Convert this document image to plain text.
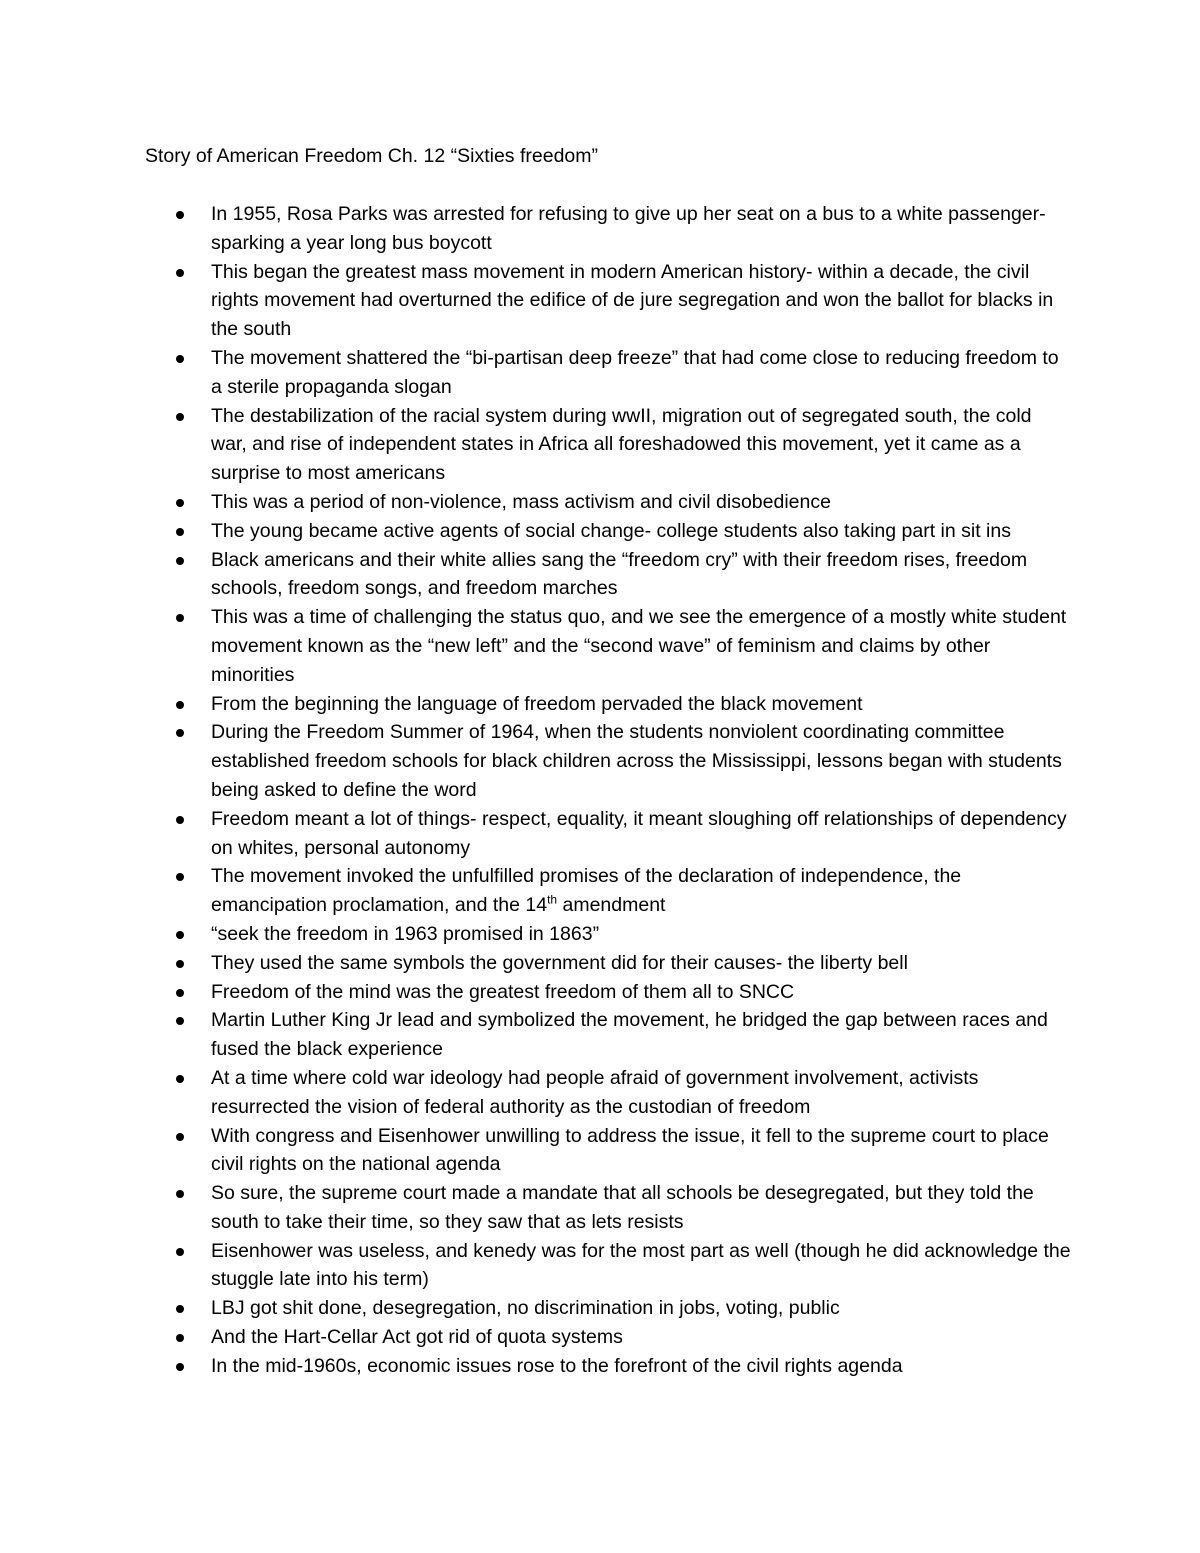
Story of American Freedom Ch. 12 “Sixties freedom”
In 1955, Rosa Parks was arrested for refusing to give up her seat on a bus to a white passenger- sparking a year long bus boycott
This began the greatest mass movement in modern American history- within a decade, the civil rights movement had overturned the edifice of de jure segregation and won the ballot for blacks in the south
The movement shattered the “bi-partisan deep freeze” that had come close to reducing freedom to a sterile propaganda slogan
The destabilization of the racial system during wwII, migration out of segregated south, the cold war, and rise of independent states in Africa all foreshadowed this movement, yet it came as a surprise to most americans
This was a period of non-violence, mass activism and civil disobedience
The young became active agents of social change- college students also taking part in sit ins
Black americans and their white allies sang the “freedom cry” with their freedom rises, freedom schools, freedom songs, and freedom marches
This was a time of challenging the status quo, and we see the emergence of a mostly white student movement known as the “new left” and the “second wave” of feminism and claims by other minorities
From the beginning the language of freedom pervaded the black movement
During the Freedom Summer of 1964, when the students nonviolent coordinating committee established freedom schools for black children across the Mississippi, lessons began with students being asked to define the word
Freedom meant a lot of things- respect, equality, it meant sloughing off relationships of dependency on whites, personal autonomy
The movement invoked the unfulfilled promises of the declaration of independence, the emancipation proclamation, and the 14th amendment
“seek the freedom in 1963 promised in 1863”
They used the same symbols the government did for their causes- the liberty bell
Freedom of the mind was the greatest freedom of them all to SNCC
Martin Luther King Jr lead and symbolized the movement, he bridged the gap between races and fused the black experience
At a time where cold war ideology had people afraid of government involvement, activists resurrected the vision of federal authority as the custodian of freedom
With congress and Eisenhower unwilling to address the issue, it fell to the supreme court to place civil rights on the national agenda
So sure, the supreme court made a mandate that all schools be desegregated, but they told the south to take their time, so they saw that as lets resists
Eisenhower was useless, and kenedy was for the most part as well (though he did acknowledge the stuggle late into his term)
LBJ got shit done, desegregation, no discrimination in jobs, voting, public
And the Hart-Cellar Act got rid of quota systems
In the mid-1960s, economic issues rose to the forefront of the civil rights agenda
